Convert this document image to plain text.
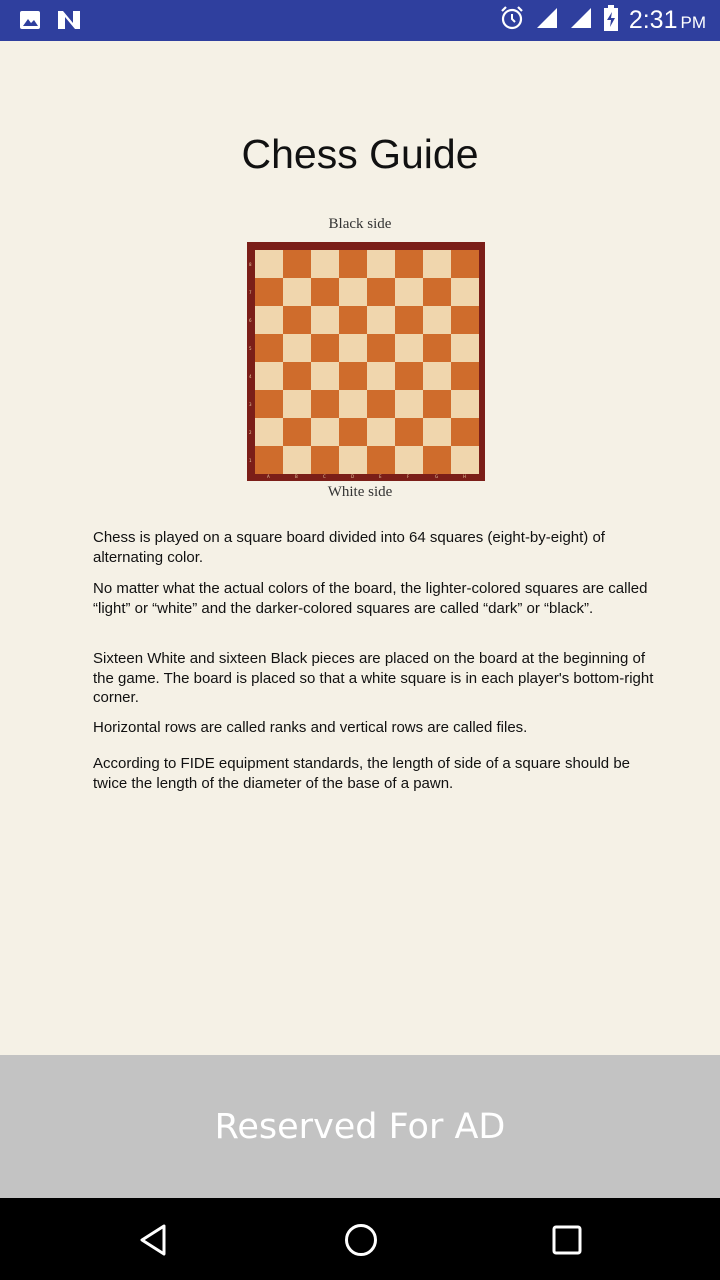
2:31 PM
Chess Guide
Black side
8
7
6
5
4
3
2
1
A	B	C	D	E	F	G	H
White side
Chess is played on a square board divided into 64 squares (eight-by-eight) of alternating color.
No matter what the actual colors of the board, the lighter-colored squares are called “light” or “white” and the darker-colored squares are called “dark” or “black”.
Sixteen White and sixteen Black pieces are placed on the board at the beginning of the game. The board is placed so that a white square is in each player's bottom-right corner.
Horizontal rows are called ranks and vertical rows are called files.
According to FIDE equipment standards, the length of side of a square should be twice the length of the diameter of the base of a pawn.
Reserved For AD
